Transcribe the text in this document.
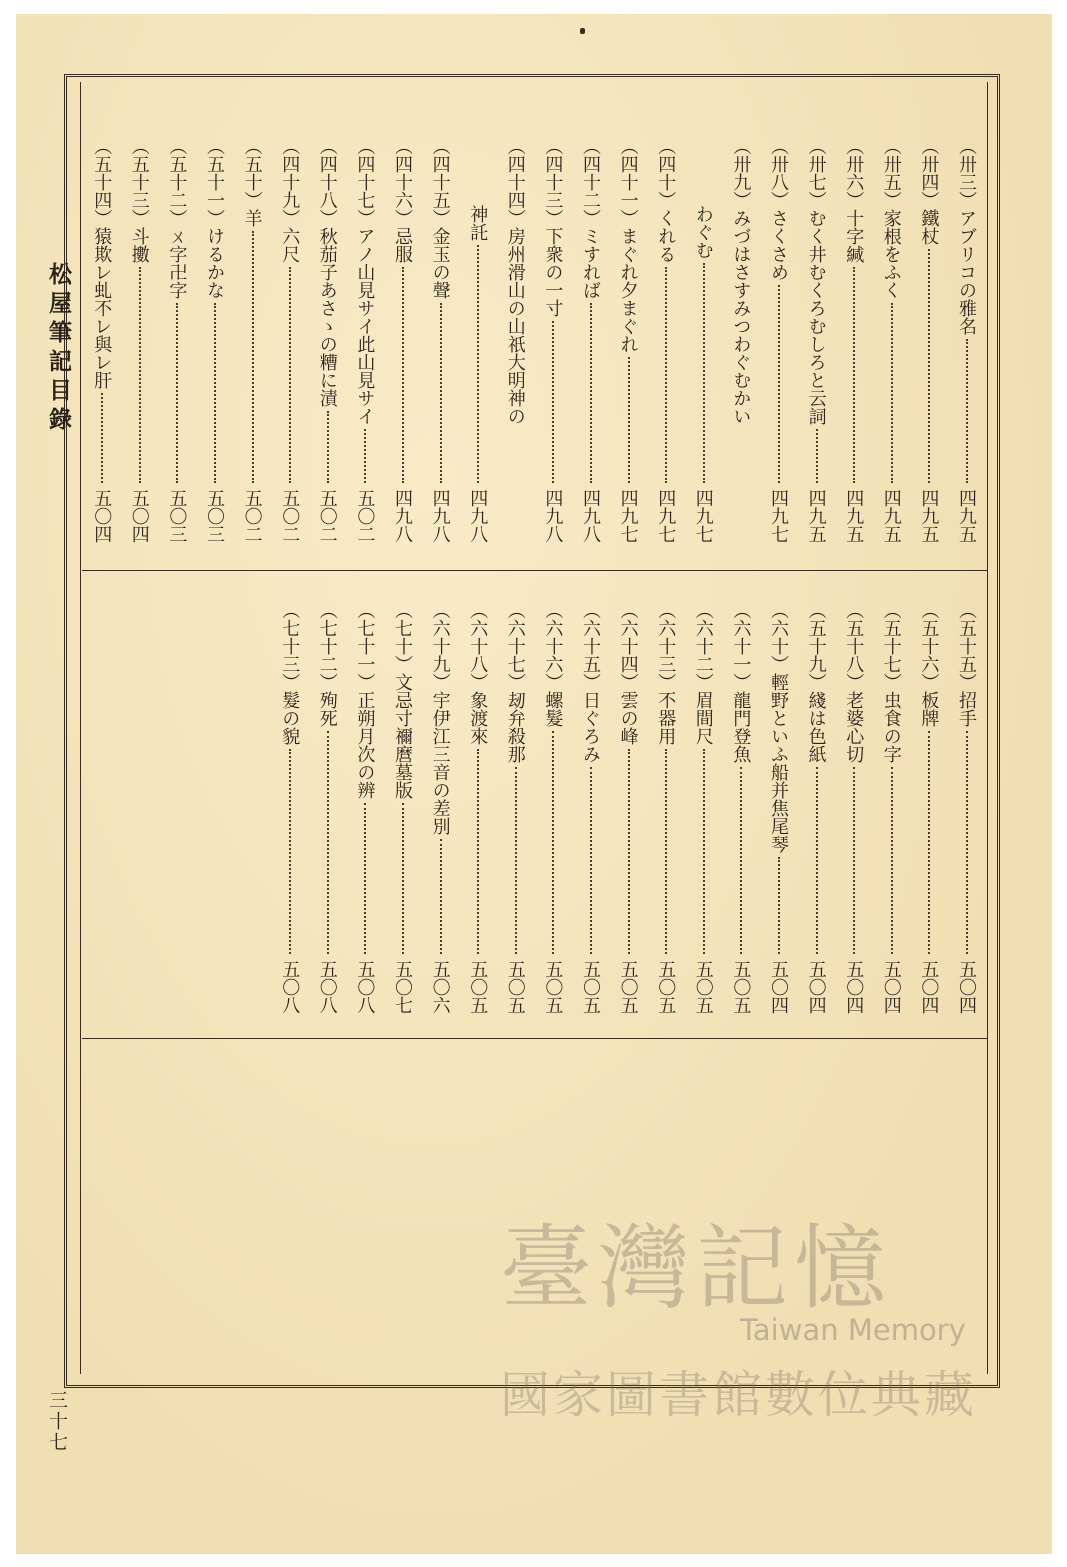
松屋筆記目錄
三十七
（卅三）アブリコの雅名
四九五
（卅四）鐵杖
四九五
（卅五）家根をふく
四九五
（卅六）十字緘
四九五
（卅七）むく井むくろむしろと云詞
四九五
（卅八）さくさめ
四九七
（卅九）みづはさすみつわぐむかい
わぐむ
四九七
（四十）くれる
四九七
（四十一）まぐれ夕まぐれ
四九七
（四十二）ミすれば
四九八
（四十三）下衆の一寸
四九八
（四十四）房州滑山の山祇大明神の
神託
四九八
（四十五）金玉の聲
四九八
（四十六）忌服
四九八
（四十七）アノ山見サイ此山見サイ
五〇二
（四十八）秋茄子あさゝの糟に漬
五〇二
（四十九）六尺
五〇二
（五十）羊
五〇二
（五十一）けるかな
五〇三
（五十二）ㄨ字卍字
五〇三
（五十三）斗擻
五〇四
（五十四）猿欺レ虬不レ與レ肝
五〇四
（五十五）招手
五〇四
（五十六）板牌
五〇四
（五十七）虫食の字
五〇四
（五十八）老婆心切
五〇四
（五十九）綫は色紙
五〇四
（六十）輕野といふ船并焦尾琴
五〇四
（六十一）龍門登魚
五〇五
（六十二）眉間尺
五〇五
（六十三）不器用
五〇五
（六十四）雲の峰
五〇五
（六十五）日ぐろみ
五〇五
（六十六）螺髮
五〇五
（六十七）刼弁殺那
五〇五
（六十八）象渡來
五〇五
（六十九）宇伊江三音の差別
五〇六
（七十）文忌寸禰麿墓版
五〇七
（七十一）正朔月次の辨
五〇八
（七十二）殉死
五〇八
（七十三）髮の貌
五〇八
臺灣記憶
Taiwan Memory
國家圖書館數位典藏
